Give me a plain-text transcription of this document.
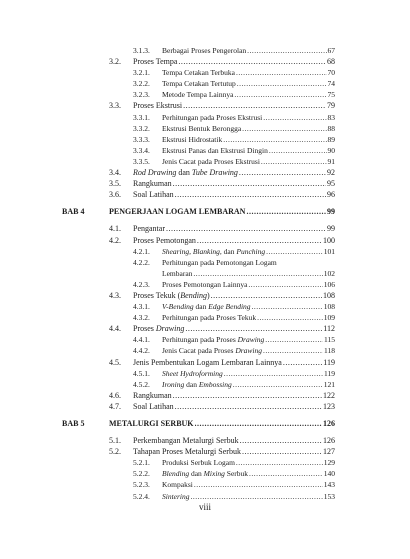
3.1.3. Berbagai Proses Pengerolan .....	67
3.2. Proses Tempa .....	68
3.2.1. Tempa Cetakan Terbuka .....	70
3.2.2. Tempa Cetakan Tertutup .....	74
3.2.3. Metode Tempa Lainnya .....	75
3.3. Proses Ekstrusi .....	79
3.3.1. Perhitungan pada Proses Ekstrusi .....	83
3.3.2. Ekstrusi Bentuk Berongga .....	88
3.3.3. Ekstrusi Hidrostatik .....	89
3.3.4. Ekstrusi Panas dan Ekstrusi Dingin .....	90
3.3.5. Jenis Cacat pada Proses Ekstrusi .....	91
3.4. Rod Drawing dan Tube Drawing .....	92
3.5. Rangkuman .....	95
3.6. Soal Latihan .....	96
BAB 4	PENGERJAAN LOGAM LEMBARAN .....	99
4.1. Pengantar .....	99
4.2. Proses Pemotongan .....	100
4.2.1. Shearing, Blanking, dan Punching .....	101
4.2.2. Perhitungan pada Pemotongan Logam
Lembaran .....	102
4.2.3. Proses Pemotongan Lainnya .....	106
4.3. Proses Tekuk (Bending) .....	108
4.3.1. V-Bending dan Edge Bending .....	108
4.3.2. Perhitungan pada Proses Tekuk .....	109
4.4. Proses Drawing .....	112
4.4.1. Perhitungan pada Proses Drawing .....	115
4.4.2. Jenis Cacat pada Proses Drawing .....	118
4.5. Jenis Pembentukan Logam Lembaran Lainnya .....	119
4.5.1. Sheet Hydroforming .....	119
4.5.2. Ironing dan Embossing .....	121
4.6. Rangkuman .....	122
4.7. Soal Latihan .....	123
BAB 5	METALURGI SERBUK .....	126
5.1. Perkembangan Metalurgi Serbuk .....	126
5.2. Tahapan Proses Metalurgi Serbuk .....	127
5.2.1. Produksi Serbuk Logam .....	129
5.2.2. Blending dan Mixing Serbuk .....	140
5.2.3. Kompaksi .....	143
5.2.4. Sintering .....	153
viii
